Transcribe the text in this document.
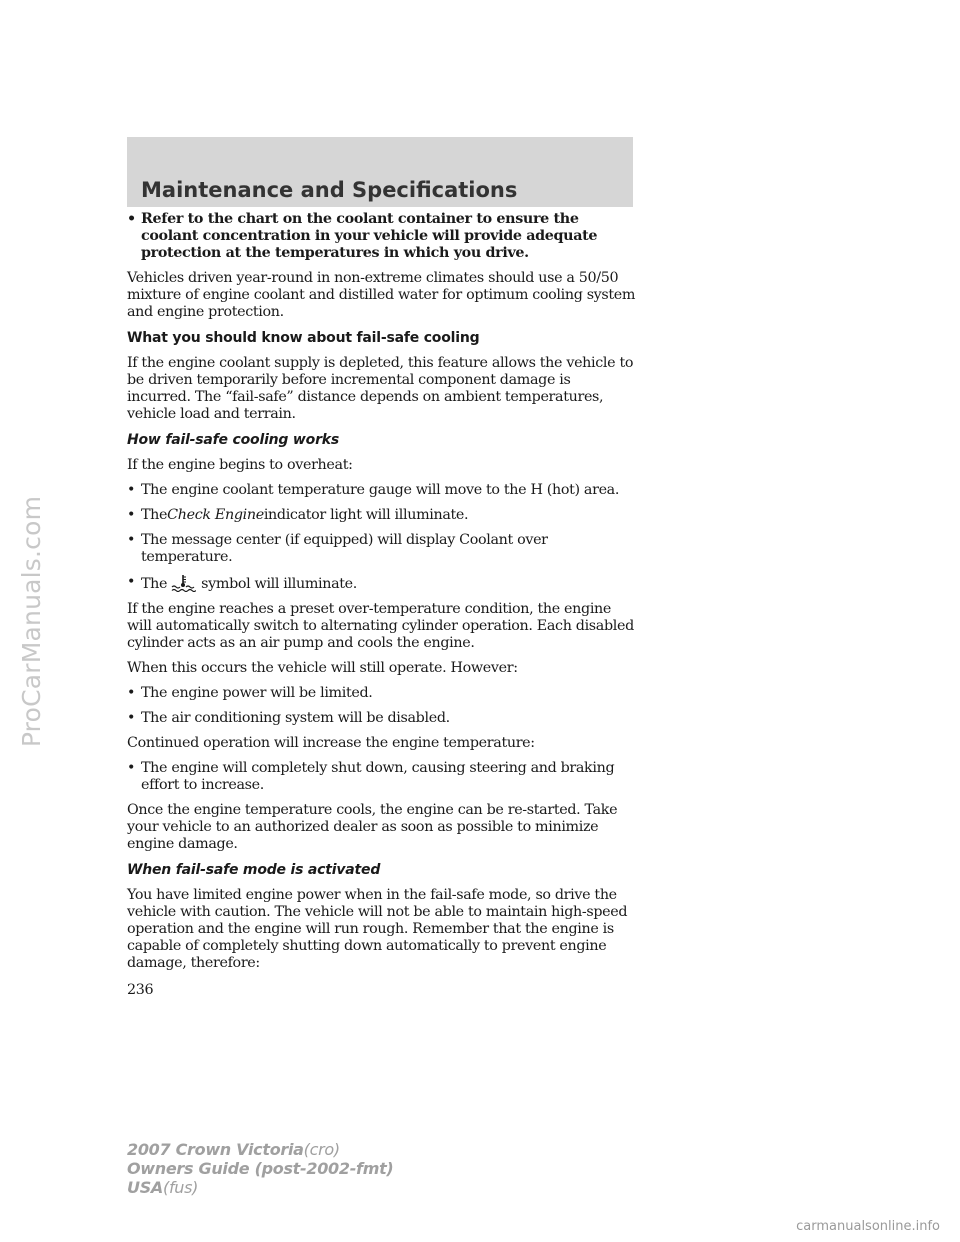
ProCarManuals.com
Maintenance and Specifications
• Refer to the chart on the coolant container to ensure the coolant concentration in your vehicle will provide adequate protection at the temperatures in which you drive.

Vehicles driven year-round in non-extreme climates should use a 50/50 mixture of engine coolant and distilled water for optimum cooling system and engine protection.

What you should know about fail-safe cooling

If the engine coolant supply is depleted, this feature allows the vehicle to be driven temporarily before incremental component damage is incurred. The “fail-safe” distance depends on ambient temperatures, vehicle load and terrain.

How fail-safe cooling works

If the engine begins to overheat:

• The engine coolant temperature gauge will move to the H (hot) area.
• TheCheck Engineindicator light will illuminate.
• The message center (if equipped) will display Coolant over temperature.
• The symbol will illuminate.

If the engine reaches a preset over-temperature condition, the engine will automatically switch to alternating cylinder operation. Each disabled cylinder acts as an air pump and cools the engine.

When this occurs the vehicle will still operate. However:

• The engine power will be limited.
• The air conditioning system will be disabled.

Continued operation will increase the engine temperature:

• The engine will completely shut down, causing steering and braking effort to increase.

Once the engine temperature cools, the engine can be re-started. Take your vehicle to an authorized dealer as soon as possible to minimize engine damage.

When fail-safe mode is activated

You have limited engine power when in the fail-safe mode, so drive the vehicle with caution. The vehicle will not be able to maintain high-speed operation and the engine will run rough. Remember that the engine is capable of completely shutting down automatically to prevent engine damage, therefore:

236
2007 Crown Victoria(cro)
Owners Guide (post-2002-fmt)
USA(fus)
carmanualsonline.info
